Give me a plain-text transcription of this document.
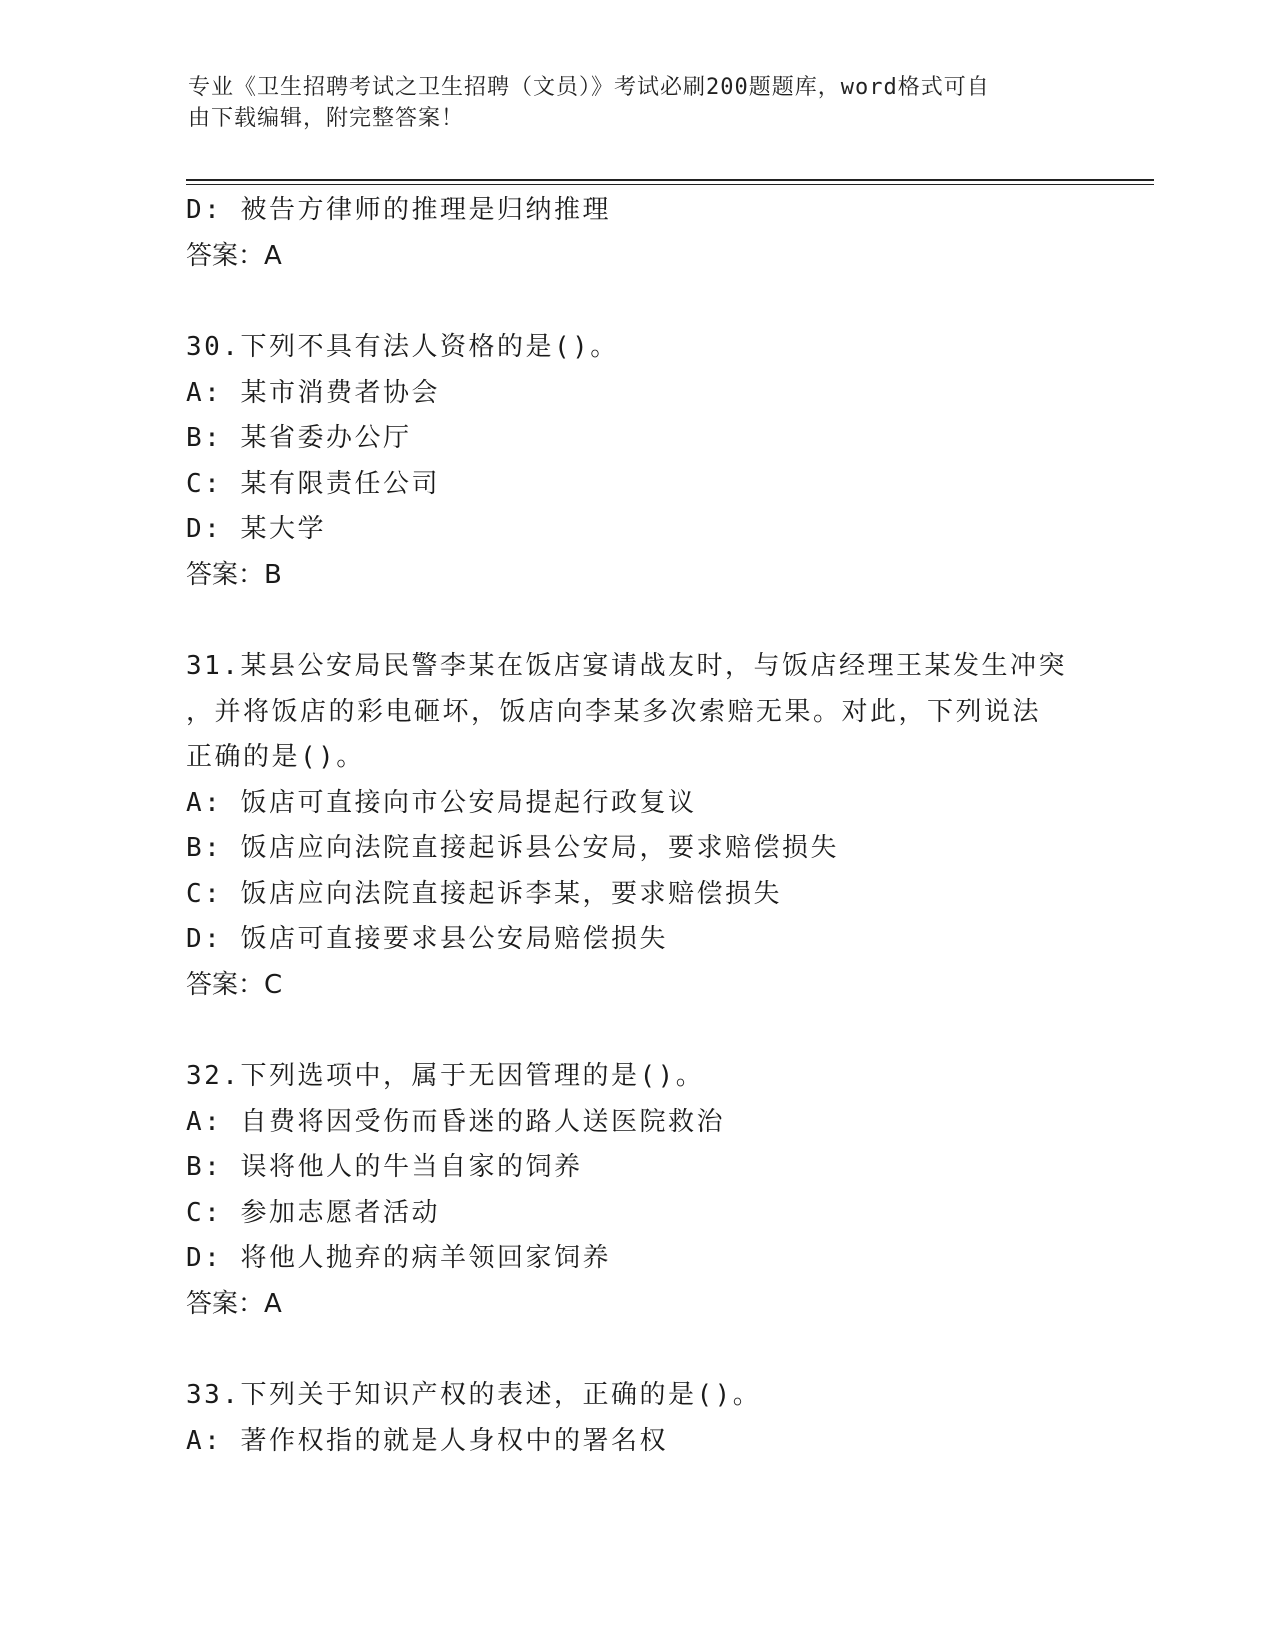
专业《卫生招聘考试之卫生招聘（文员）》考试必刷200题题库，word格式可自
由下载编辑，附完整答案！
D: 被告方律师的推理是归纳推理
答案：A
30.下列不具有法人资格的是()。
A: 某市消费者协会
B: 某省委办公厅
C: 某有限责任公司
D: 某大学
答案：B
31.某县公安局民警李某在饭店宴请战友时，与饭店经理王某发生冲突
，并将饭店的彩电砸坏，饭店向李某多次索赔无果。对此，下列说法
正确的是()。
A: 饭店可直接向市公安局提起行政复议
B: 饭店应向法院直接起诉县公安局，要求赔偿损失
C: 饭店应向法院直接起诉李某，要求赔偿损失
D: 饭店可直接要求县公安局赔偿损失
答案：C
32.下列选项中，属于无因管理的是()。
A: 自费将因受伤而昏迷的路人送医院救治
B: 误将他人的牛当自家的饲养
C: 参加志愿者活动
D: 将他人抛弃的病羊领回家饲养
答案：A
33.下列关于知识产权的表述，正确的是()。
A: 著作权指的就是人身权中的署名权
